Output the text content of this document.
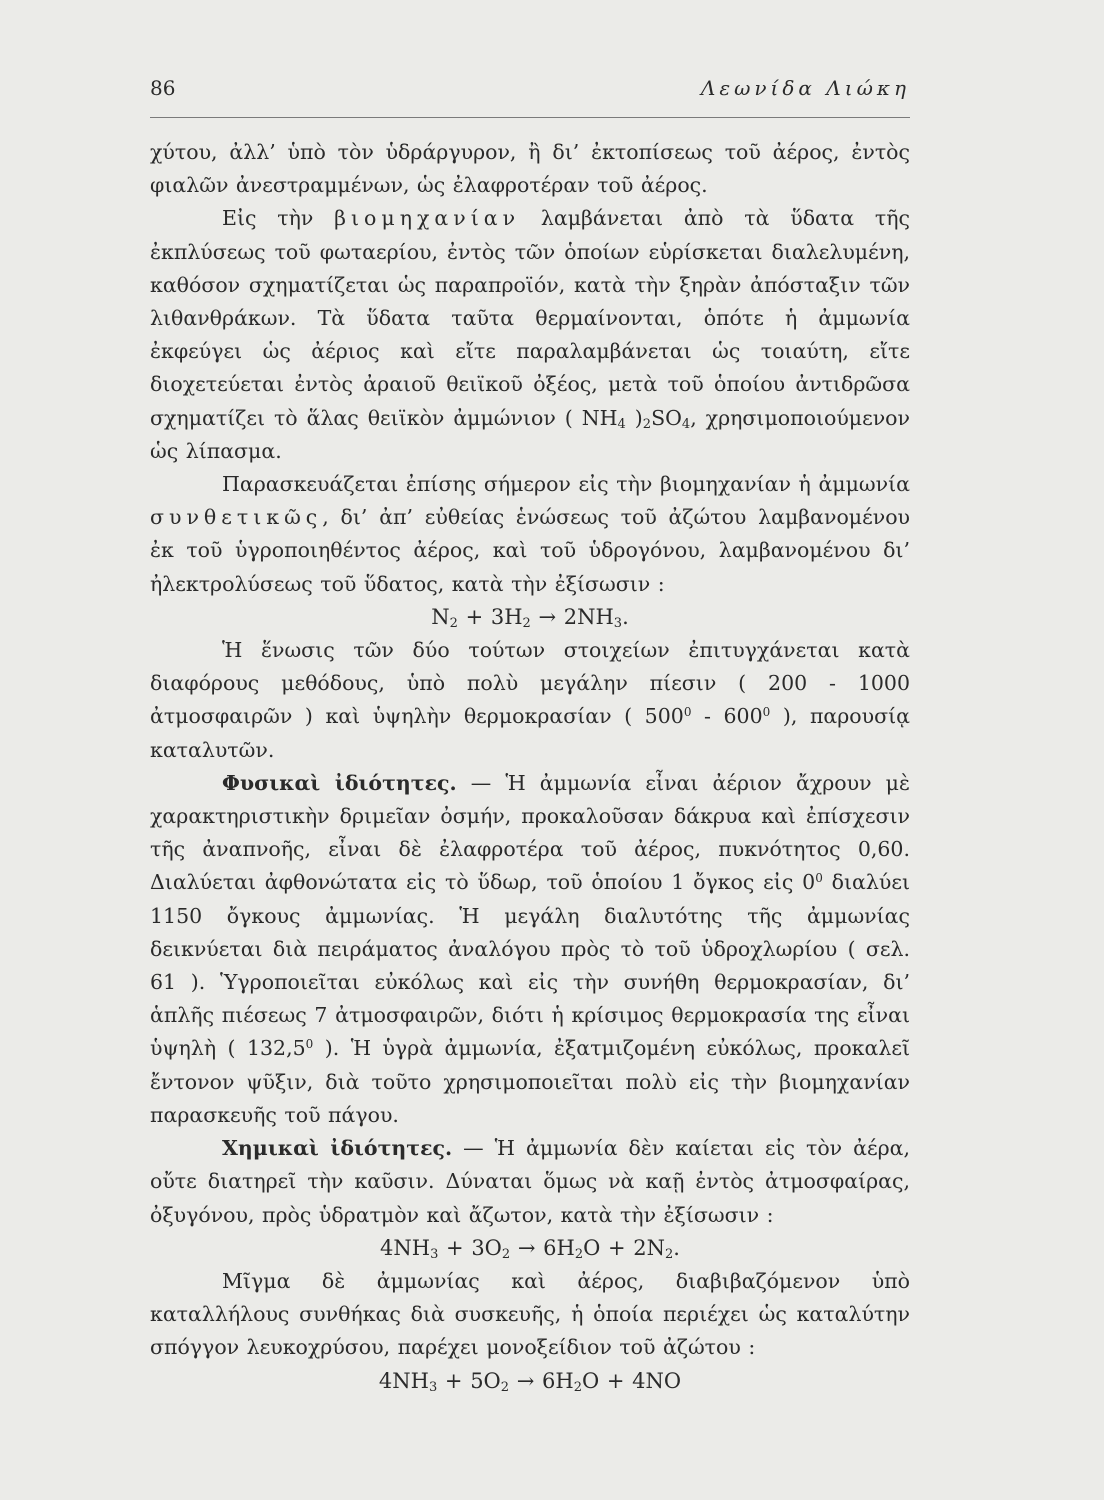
86	Λεωνίδα Λιώκη

χύτου, ἀλλ’ ὑπὸ τὸν ὑδράργυρον, ἢ δι’ ἐκτοπίσεως τοῦ ἀέρος, ἐντὸς φιαλῶν ἀνεστραμμένων, ὡς ἐλαφροτέραν τοῦ ἀέρος.

Εἰς τὴν βιομηχανίαν λαμβάνεται ἀπὸ τὰ ὕδατα τῆς ἐκπλύσεως τοῦ φωταερίου, ἐντὸς τῶν ὁποίων εὑρίσκεται διαλελυμένη, καθόσον σχηματίζεται ὡς παραπροϊόν, κατὰ τὴν ξηρὰν ἀπόσταξιν τῶν λιθανθράκων. Τὰ ὕδατα ταῦτα θερμαίνονται, ὁπότε ἡ ἀμμωνία ἐκφεύγει ὡς ἀέριος καὶ εἴτε παραλαμβάνεται ὡς τοιαύτη, εἴτε διοχετεύεται ἐντὸς ἀραιοῦ θειϊκοῦ ὀξέος, μετὰ τοῦ ὁποίου ἀντιδρῶσα σχηματίζει τὸ ἅλας θειϊκὸν ἀμμώνιον ( $NH_4$ )$_2SO_4$, χρησιμοποιούμενον ὡς λίπασμα.

Παρασκευάζεται ἐπίσης σήμερον εἰς τὴν βιομηχανίαν ἡ ἀμμωνία συνθετικῶς, δι’ ἀπ’ εὐθείας ἑνώσεως τοῦ ἀζώτου λαμβανομένου ἐκ τοῦ ὑγροποιηθέντος ἀέρος, καὶ τοῦ ὑδρογόνου, λαμβανομένου δι’ ἠλεκτρολύσεως τοῦ ὕδατος, κατὰ τὴν ἐξίσωσιν :

$N_2 + 3H_2 \to 2NH_3$.

Ἡ ἕνωσις τῶν δύο τούτων στοιχείων ἐπιτυγχάνεται κατὰ διαφόρους μεθόδους, ὑπὸ πολὺ μεγάλην πίεσιν ( 200 - 1000 ἀτμοσφαιρῶν ) καὶ ὑψηλὴν θερμοκρασίαν ( $500^0 - 600^0$ ), παρουσίᾳ καταλυτῶν.

Φυσικαὶ ἰδιότητες. — Ἡ ἀμμωνία εἶναι ἀέριον ἄχρουν μὲ χαρακτηριστικὴν δριμεῖαν ὀσμήν, προκαλοῦσαν δάκρυα καὶ ἐπίσχεσιν τῆς ἀναπνοῆς, εἶναι δὲ ἐλαφροτέρα τοῦ ἀέρος, πυκνότητος 0,60. Διαλύεται ἀφθονώτατα εἰς τὸ ὕδωρ, τοῦ ὁποίου 1 ὄγκος εἰς $0^0$ διαλύει 1150 ὄγκους ἀμμωνίας. Ἡ μεγάλη διαλυτότης τῆς ἀμμωνίας δεικνύεται διὰ πειράματος ἀναλόγου πρὸς τὸ τοῦ ὑδροχλωρίου ( σελ. 61 ). Ὑγροποιεῖται εὐκόλως καὶ εἰς τὴν συνήθη θερμοκρασίαν, δι’ ἁπλῆς πιέσεως 7 ἀτμοσφαιρῶν, διότι ἡ κρίσιμος θερμοκρασία της εἶναι ὑψηλὴ ( 132,5$^0$ ). Ἡ ὑγρὰ ἀμμωνία, ἐξατμιζομένη εὐκόλως, προκαλεῖ ἔντονον ψῦξιν, διὰ τοῦτο χρησιμοποιεῖται πολὺ εἰς τὴν βιομηχανίαν παρασκευῆς τοῦ πάγου.

Χημικαὶ ἰδιότητες. — Ἡ ἀμμωνία δὲν καίεται εἰς τὸν ἀέρα, οὔτε διατηρεῖ τὴν καῦσιν. Δύναται ὅμως νὰ καῇ ἐντὸς ἀτμοσφαίρας, ὀξυγόνου, πρὸς ὑδρατμὸν καὶ ἄζωτον, κατὰ τὴν ἐξίσωσιν :

$4NH_3 + 3O_2 \to 6H_2O + 2N_2$.

Μῖγμα δὲ ἀμμωνίας καὶ ἀέρος, διαβιβαζόμενον ὑπὸ καταλλήλους συνθήκας διὰ συσκευῆς, ἡ ὁποία περιέχει ὡς καταλύτην σπόγγον λευκοχρύσου, παρέχει μονοξείδιον τοῦ ἀζώτου :

$4NH_3 + 5O_2 \to 6H_2O + 4NO$
